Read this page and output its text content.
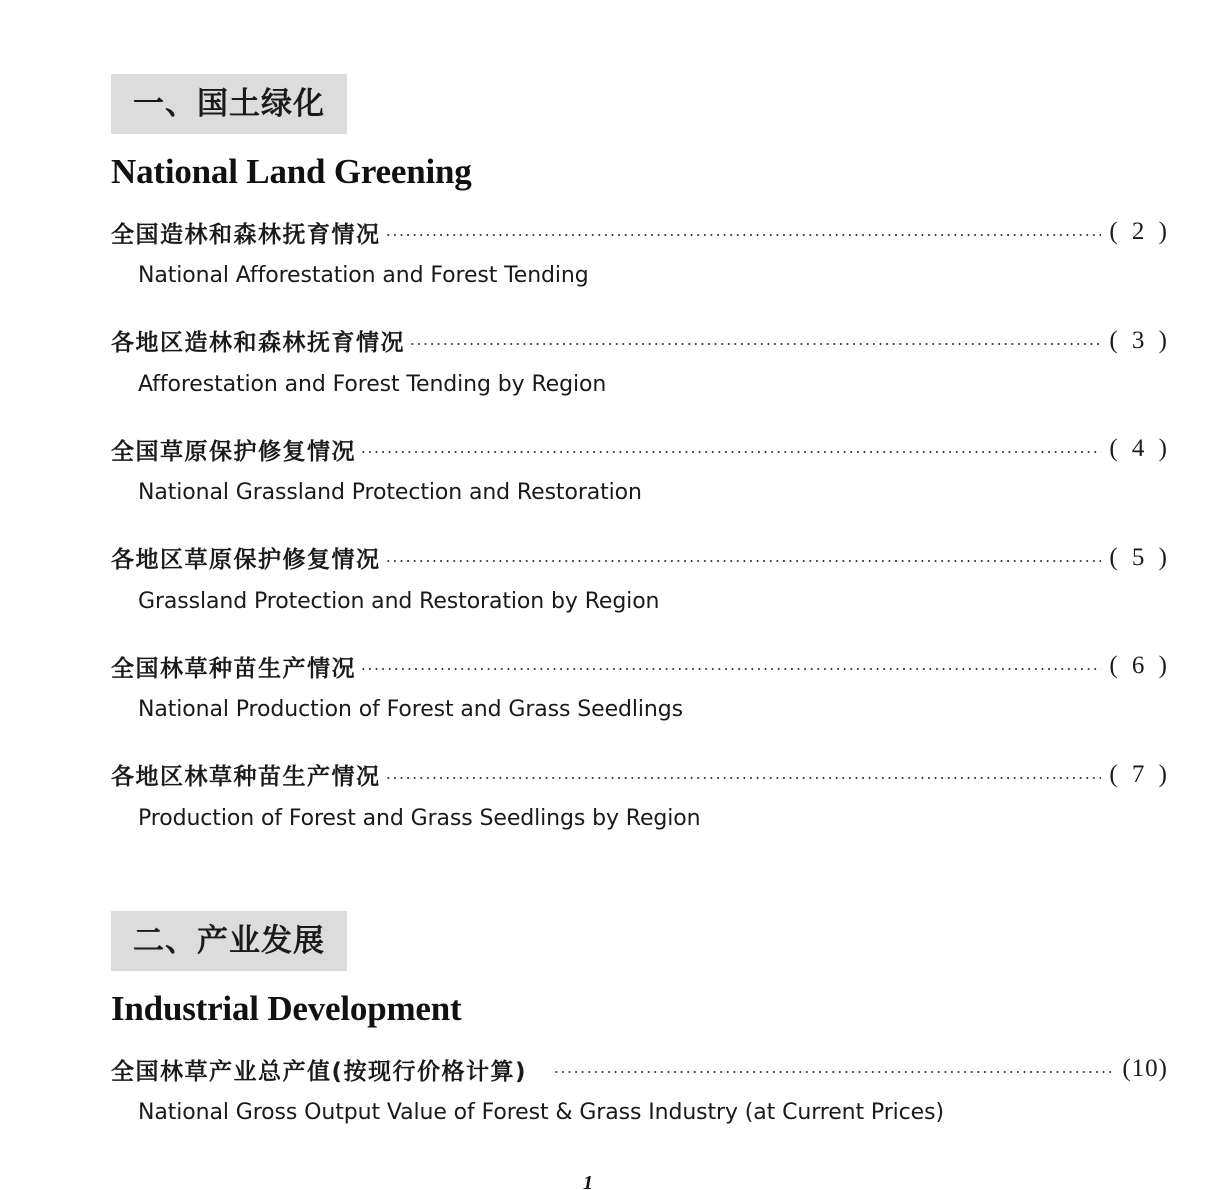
一、国土绿化
National Land Greening
全国造林和森林抚育情况	( 2 )
National Afforestation and Forest Tending
各地区造林和森林抚育情况	( 3 )
Afforestation and Forest Tending by Region
全国草原保护修复情况	( 4 )
National Grassland Protection and Restoration
各地区草原保护修复情况	( 5 )
Grassland Protection and Restoration by Region
全国林草种苗生产情况	( 6 )
National Production of Forest and Grass Seedlings
各地区林草种苗生产情况	( 7 )
Production of Forest and Grass Seedlings by Region
二、产业发展
Industrial Development
全国林草产业总产值(按现行价格计算)	(10)
National Gross Output Value of Forest & Grass Industry (at Current Prices)
1
